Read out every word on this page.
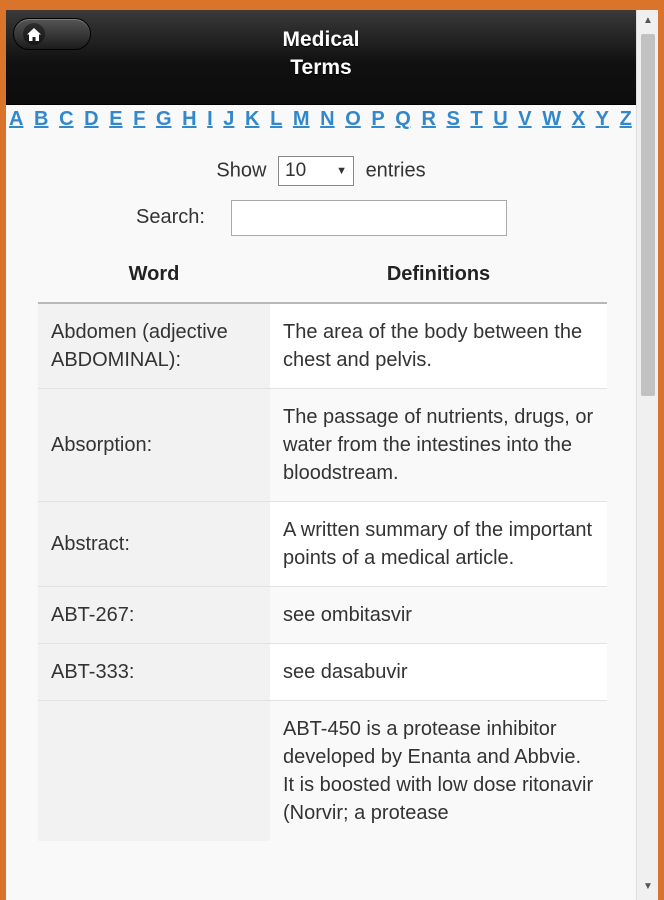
Medical
Terms
A B C D E F G H I J K L M N O P Q R S T U V W X Y Z
Show 10	▼ entries
Search:
Word	Definitions
Abdomen (adjective ABDOMINAL):	The area of the body between the chest and pelvis.
Absorption:	The passage of nutrients, drugs, or water from the intestines into the bloodstream.
Abstract:	A written summary of the important points of a medical article.
ABT-267:	see ombitasvir
ABT-333:	see dasabuvir
	ABT-450 is a protease inhibitor developed by Enanta and Abbvie. It is boosted with low dose ritonavir (Norvir; a protease
▲
▼
